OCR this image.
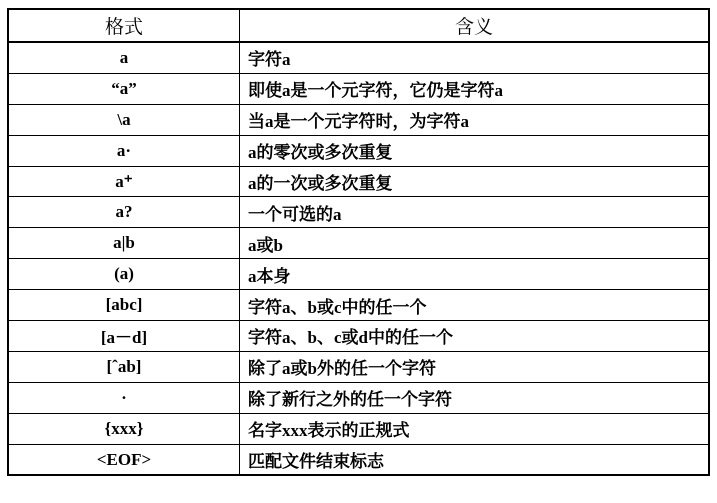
格式	含义
a	字符a
“a”	即使a是一个元字符，它仍是字符a
\a	当a是一个元字符时，为字符a
a·	a的零次或多次重复
a⁺	a的一次或多次重复
a?	一个可选的a
a|b	a或b
(a)	a本身
[abc]	字符a、b或c中的任一个
[a－d]	字符a、b、c或d中的任一个
[ˆab]	除了a或b外的任一个字符
·	除了新行之外的任一个字符
{xxx}	名字xxx表示的正规式
<EOF>	匹配文件结束标志
